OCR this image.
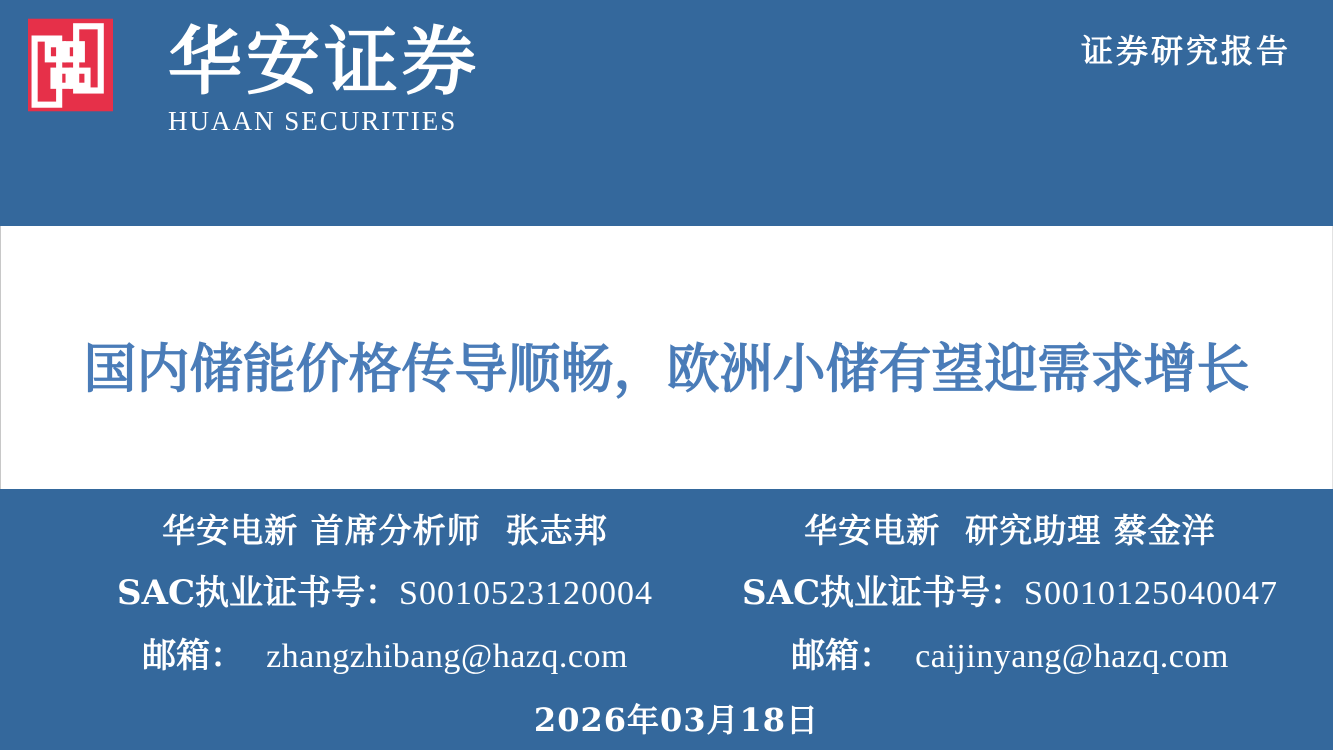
华安证券
HUAAN SECURITIES
证券研究报告
国内储能价格传导顺畅，欧洲小储有望迎需求增长
华安电新 首席分析师  张志邦
SAC执业证书号：S0010523120004
邮箱： zhangzhibang@hazq.com
华安电新  研究助理 蔡金洋
SAC执业证书号：S0010125040047
邮箱： caijinyang@hazq.com
2026年03月18日
